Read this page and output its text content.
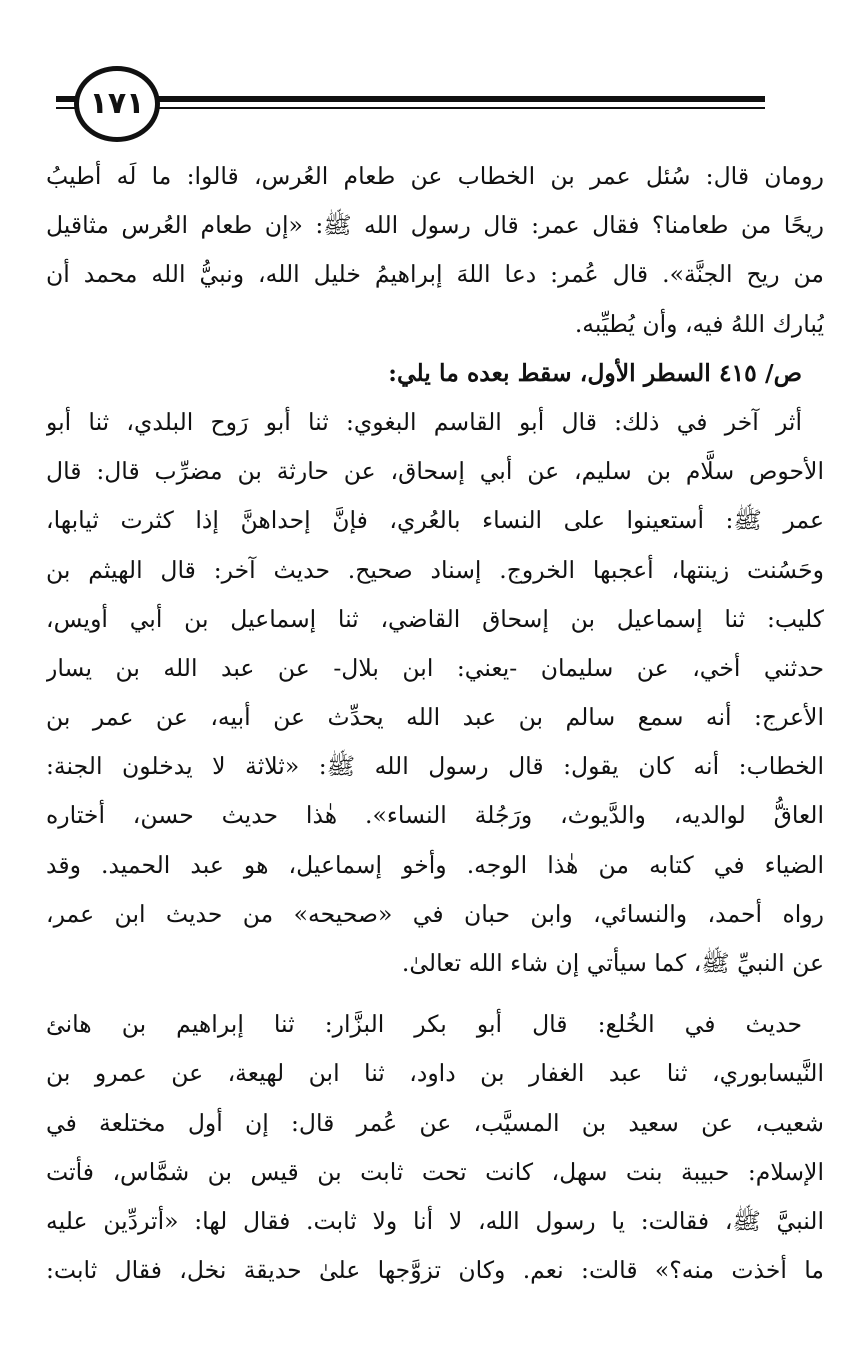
١٧١
رومان قال: سُئل عمر بن الخطاب عن طعام العُرس، قالوا: ما لَه أطيبُ
ريحًا من طعامنا؟ فقال عمر: قال رسول الله ﷺ: «إن طعام العُرس مثاقيل
من ريح الجنَّة». قال عُمر: دعا اللهَ إبراهيمُ خليل الله، ونبيُّ الله محمد أن
يُبارك اللهُ فيه، وأن يُطيِّبه.
ص/ ٤١٥ السطر الأول، سقط بعده ما يلي:
أثر آخر في ذلك: قال أبو القاسم البغوي: ثنا أبو رَوح البلدي، ثنا أبو
الأحوص سلَّام بن سليم، عن أبي إسحاق، عن حارثة بن مضرِّب قال: قال
عمر ﷺ: أستعينوا على النساء بالعُري، فإنَّ إحداهنَّ إذا كثرت ثيابها،
وحَسُنت زينتها، أعجبها الخروج. إسناد صحيح. حديث آخر: قال الهيثم بن
كليب: ثنا إسماعيل بن إسحاق القاضي، ثنا إسماعيل بن أبي أويس،
حدثني أخي، عن سليمان -يعني: ابن بلال- عن عبد الله بن يسار
الأعرج: أنه سمع سالم بن عبد الله يحدِّث عن أبيه، عن عمر بن
الخطاب: أنه كان يقول: قال رسول الله ﷺ: «ثلاثة لا يدخلون الجنة:
العاقُّ لوالديه، والدَّيوث، ورَجُلة النساء». هٰذا حديث حسن، أختاره
الضياء في كتابه من هٰذا الوجه. وأخو إسماعيل، هو عبد الحميد. وقد
رواه أحمد، والنسائي، وابن حبان في «صحيحه» من حديث ابن عمر،
عن النبيِّ ﷺ، كما سيأتي إن شاء الله تعالىٰ.
حديث في الخُلع: قال أبو بكر البزَّار: ثنا إبراهيم بن هانئ
النَّيسابوري، ثنا عبد الغفار بن داود، ثنا ابن لهيعة، عن عمرو بن
شعيب، عن سعيد بن المسيَّب، عن عُمر قال: إن أول مختلعة في
الإسلام: حبيبة بنت سهل، كانت تحت ثابت بن قيس بن شمَّاس، فأتت
النبيَّ ﷺ، فقالت: يا رسول الله، لا أنا ولا ثابت. فقال لها: «أتردِّين عليه
ما أخذت منه؟» قالت: نعم. وكان تزوَّجها علىٰ حديقة نخل، فقال ثابت:
